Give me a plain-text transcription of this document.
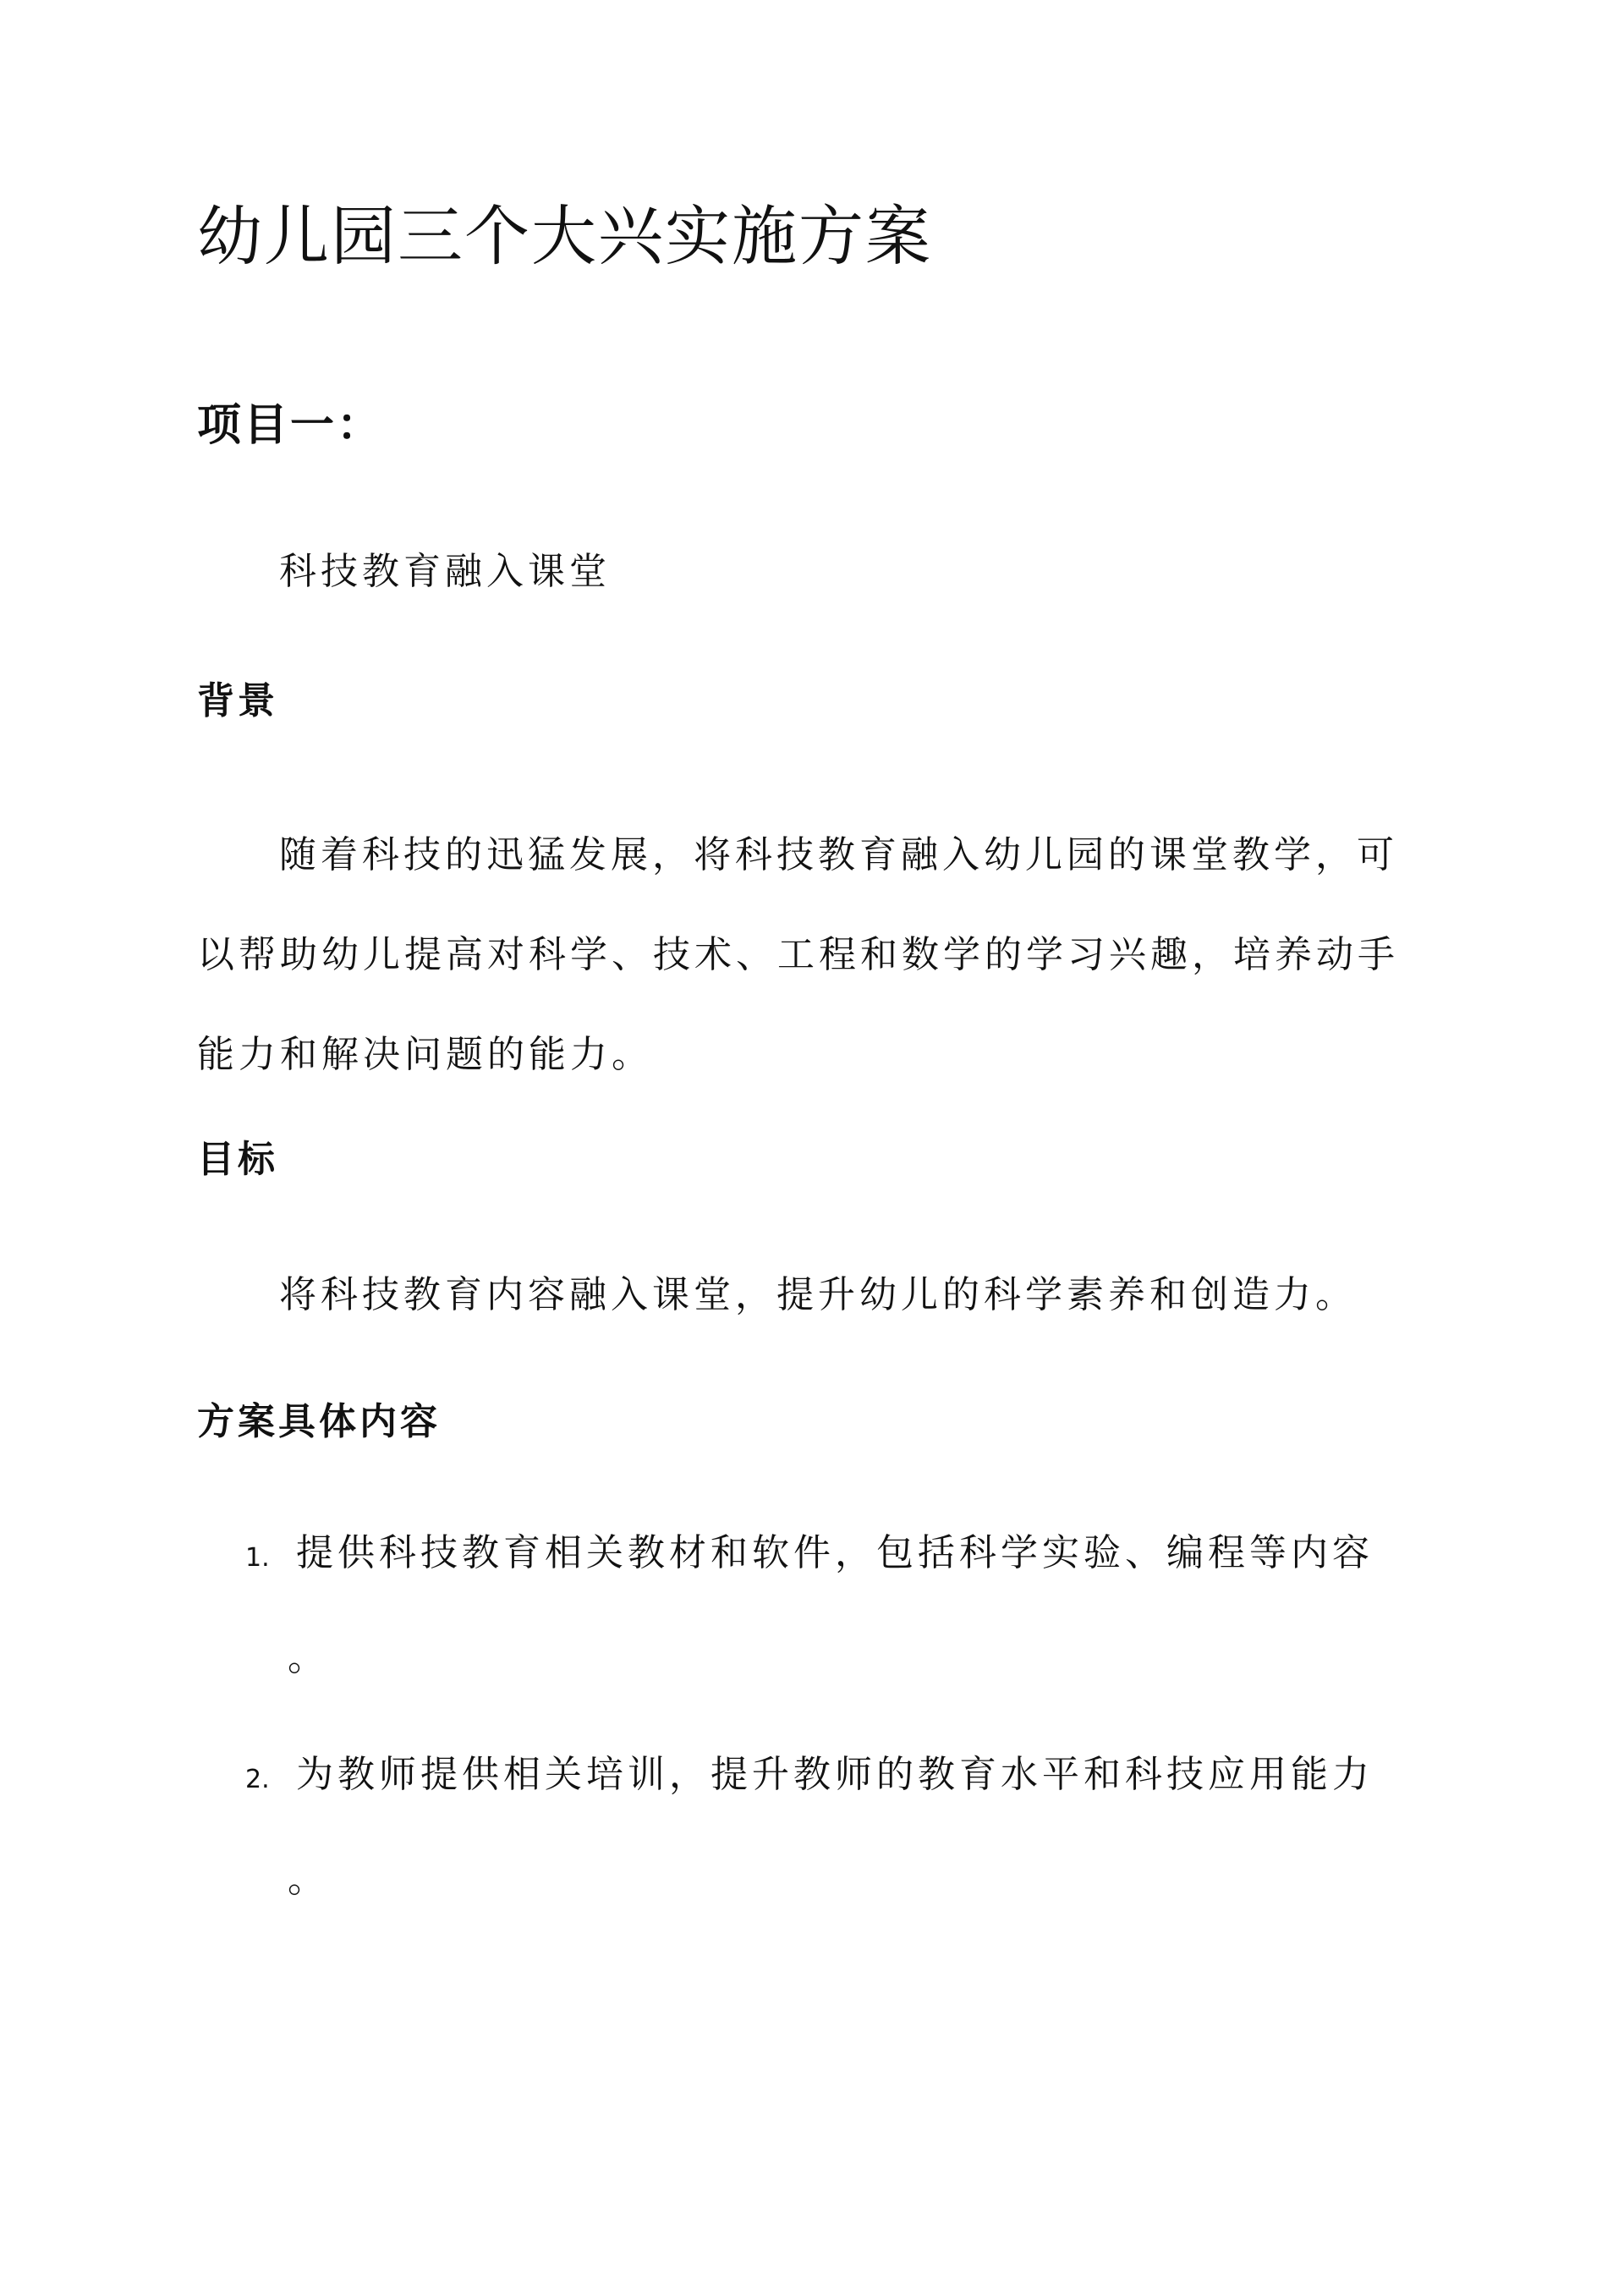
幼儿园三个大兴实施方案
项目一：

科技教育融入课堂

背景

随着科技的迅猛发展，将科技教育融入幼儿园的课堂教学，可
以帮助幼儿提高对科学、技术、工程和数学的学习兴趣，培养动手
能力和解决问题的能力。

目标

将科技教育内容融入课堂，提升幼儿的科学素养和创造力。

方案具体内容
1. 提供科技教育相关教材和软件，包括科学实验、编程等内容
。
2. 为教师提供相关培训，提升教师的教育水平和科技应用能力
。
